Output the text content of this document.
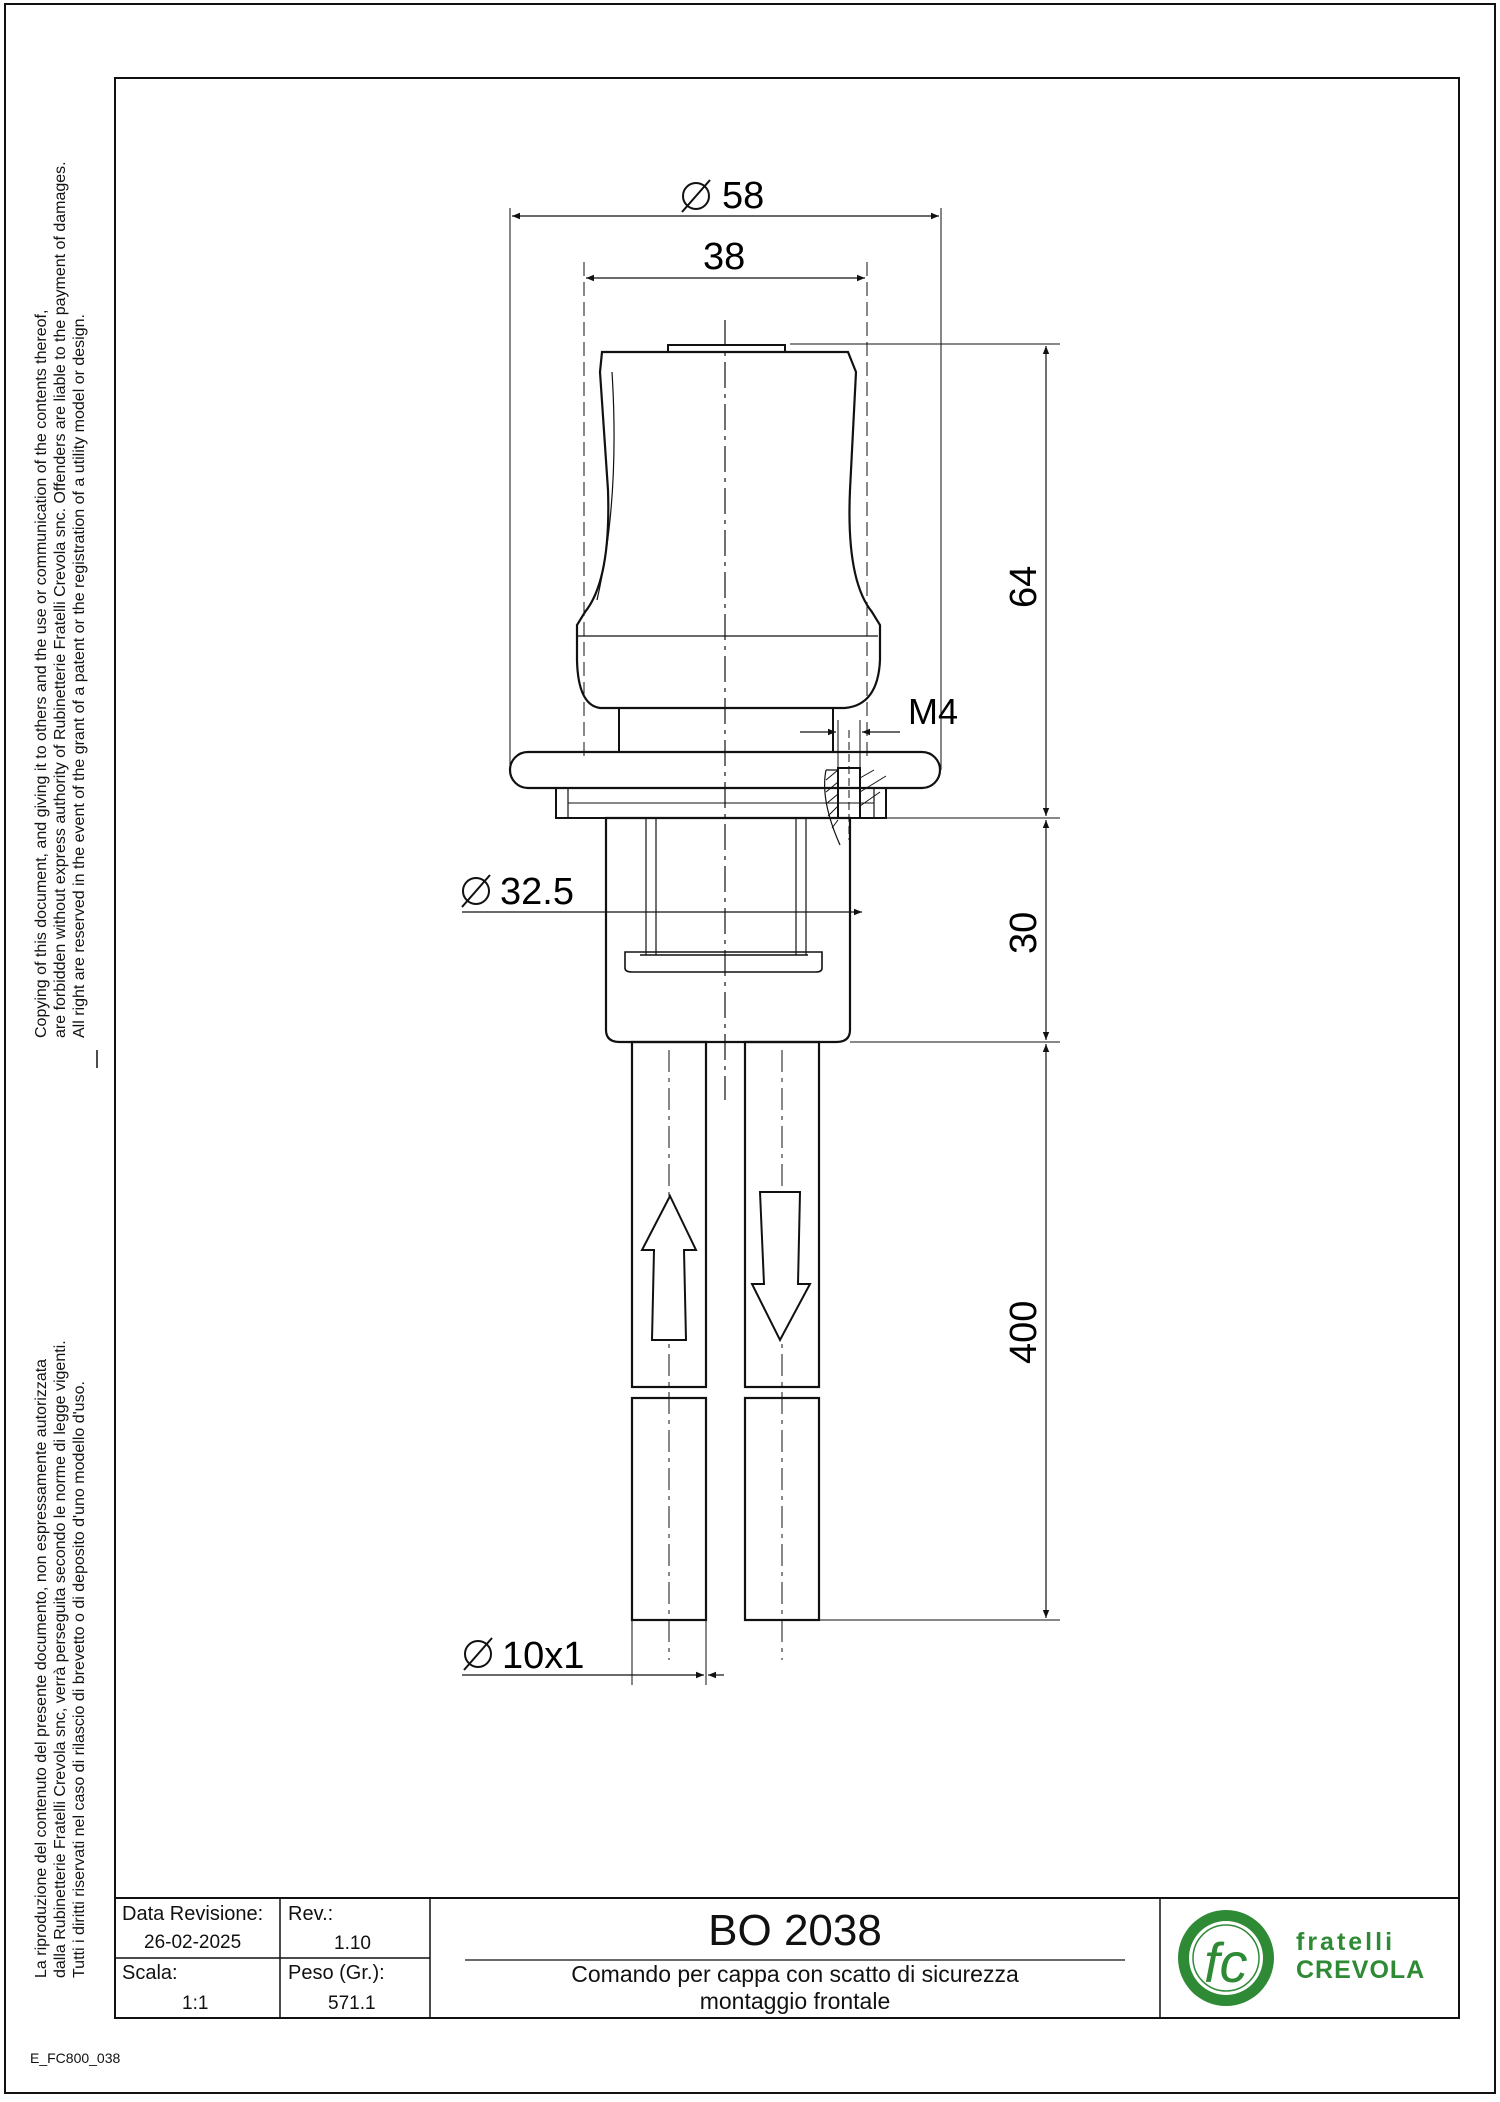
58
38
64
30
400
M4
32.5
10x1
fc
Copying of this document, and giving it to others and the use or communication of the contents thereof, are forbidden without express authority of Rubinetterie Fratelli Crevola snc. Offenders are liable to the payment of damages. All right are reserved in the event of the grant of a patent or the registration of a utility model or design.
La riproduzione del contenuto del presente documento, non espressamente autorizzata dalla Rubinetterie Fratelli Crevola snc, verrà perseguita secondo le norme di legge vigenti. Tutti i diritti riservati nel caso di rilascio di brevetto o di deposito d'uno modello d'uso. Data Revisione:
26-02-2025
Rev.:
1.10
Scala:
1:1
Peso (Gr.):
571.1
BO 2038
Comando per cappa con scatto di sicurezza
montaggio frontale
fratelli
CREVOLA
E_FC800_038
